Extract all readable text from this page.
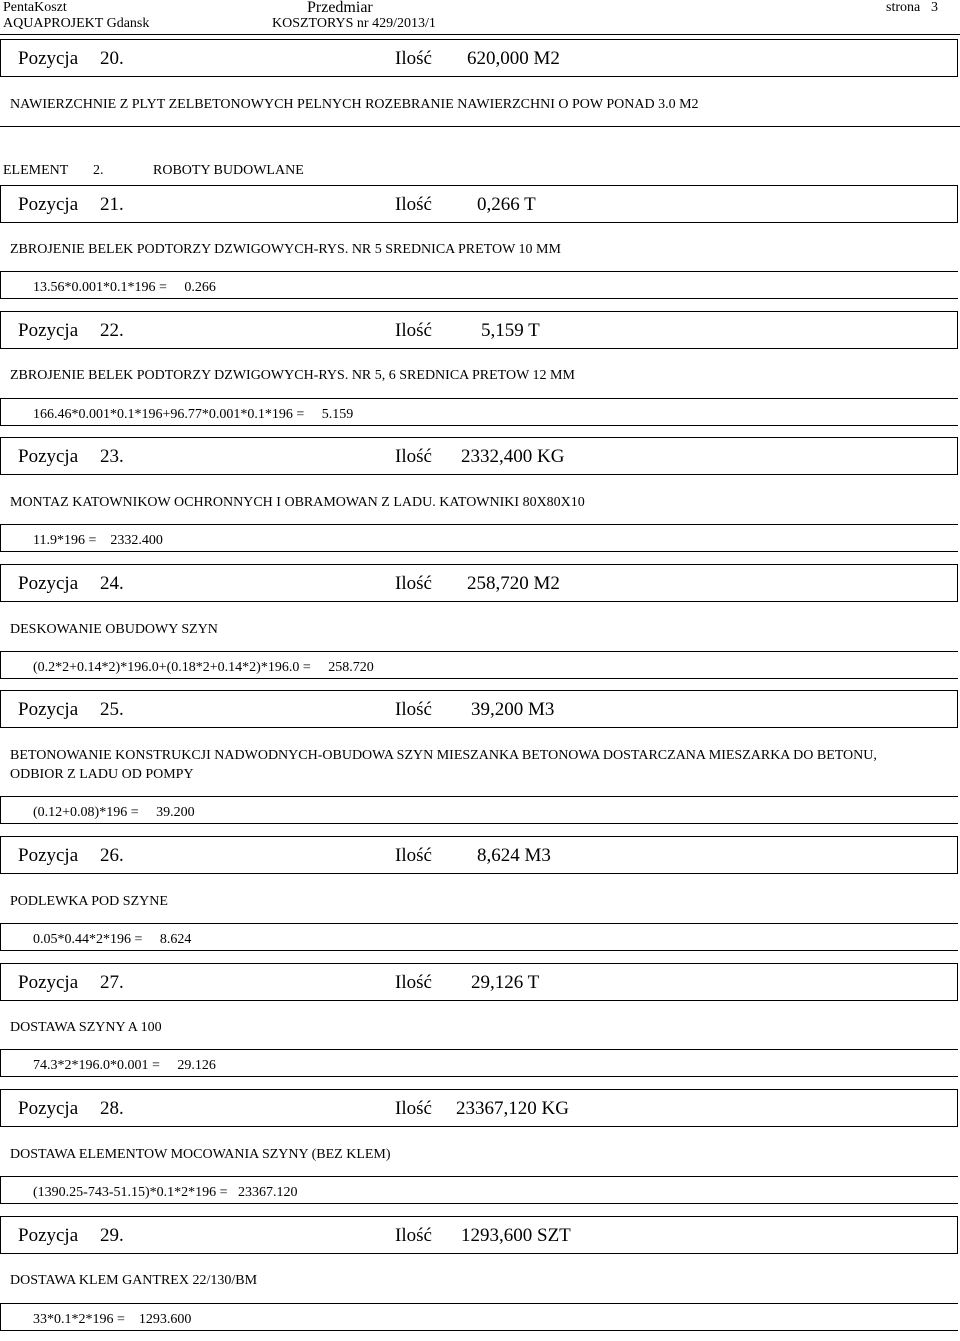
PentaKoszt
AQUAPROJEKT Gdansk
Przedmiar
KOSZTORYS nr 429/2013/1
strona 3
Pozycja 20.	Ilość 620,000 M2
NAWIERZCHNIE Z PLYT ZELBETONOWYCH PELNYCH ROZEBRANIE NAWIERZCHNI O POW PONAD 3.0 M2
ELEMENT 2.	ROBOTY BUDOWLANE
Pozycja 21.	Ilość 0,266 T
ZBROJENIE BELEK PODTORZY DZWIGOWYCH-RYS. NR 5 SREDNICA PRETOW 10 MM
13.56*0.001*0.1*196 =     0.266
Pozycja 22.	Ilość	5,159 T
ZBROJENIE BELEK PODTORZY DZWIGOWYCH-RYS. NR 5, 6 SREDNICA PRETOW 12 MM
166.46*0.001*0.1*196+96.77*0.001*0.1*196 =     5.159
Pozycja 23.	Ilość 2332,400 KG
MONTAZ KATOWNIKOW OCHRONNYCH I OBRAMOWAN Z LADU. KATOWNIKI 80X80X10
11.9*196 =    2332.400
Pozycja 24.	Ilość 258,720 M2
DESKOWANIE OBUDOWY SZYN
(0.2*2+0.14*2)*196.0+(0.18*2+0.14*2)*196.0 =     258.720
Pozycja 25.	Ilość 39,200 M3
BETONOWANIE KONSTRUKCJI NADWODNYCH-OBUDOWA SZYN MIESZANKA BETONOWA DOSTARCZANA MIESZARKA DO BETONU, ODBIOR Z LADU OD POMPY
(0.12+0.08)*196 =     39.200
Pozycja 26.	Ilość 8,624 M3
PODLEWKA POD SZYNE
0.05*0.44*2*196 =     8.624
Pozycja 27.	Ilość 29,126 T
DOSTAWA SZYNY A 100
74.3*2*196.0*0.001 =     29.126
Pozycja 28.	Ilość 23367,120 KG
DOSTAWA ELEMENTOW MOCOWANIA SZYNY (BEZ KLEM)
(1390.25-743-51.15)*0.1*2*196 =   23367.120
Pozycja 29.	Ilość 1293,600 SZT
DOSTAWA KLEM GANTREX 22/130/BM
33*0.1*2*196 =    1293.600
